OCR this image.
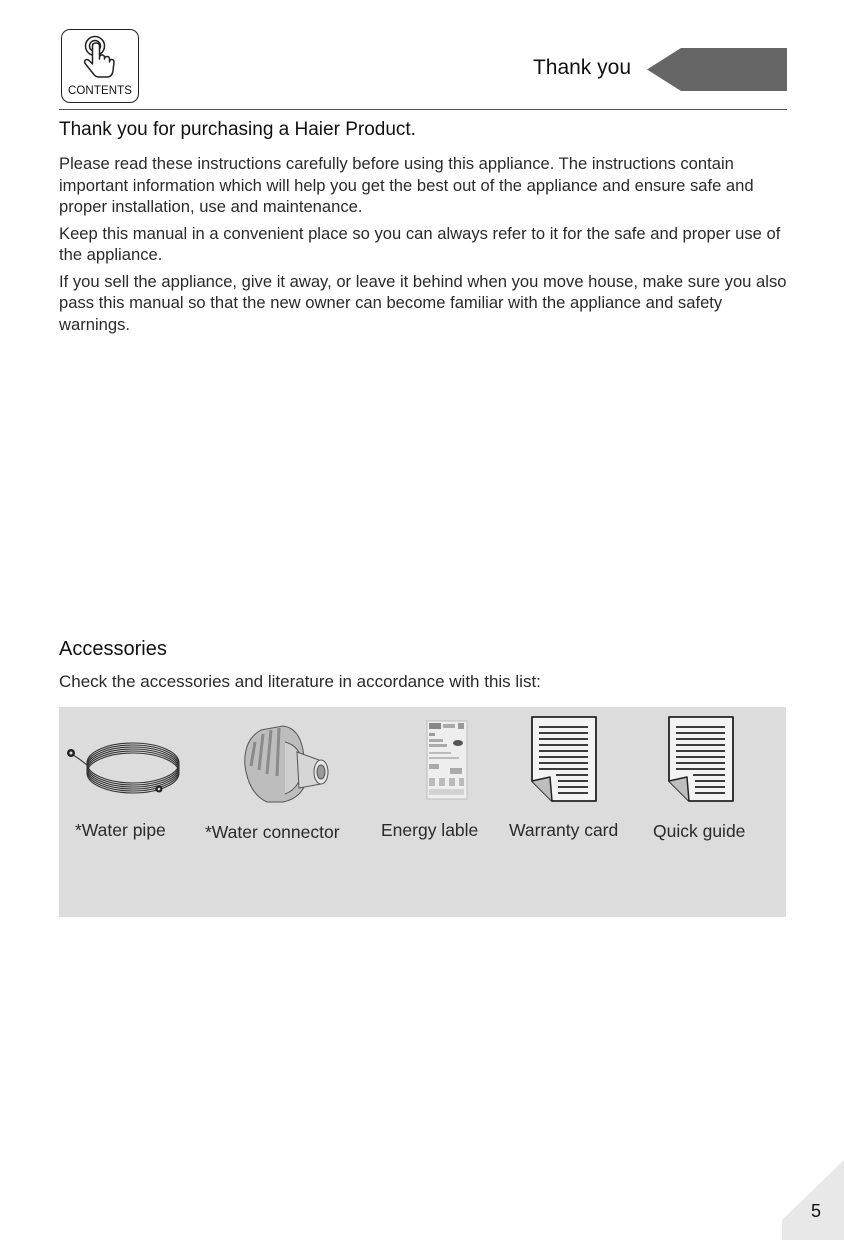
CONTENTS
Thank you
Thank you for purchasing a Haier Product.

Please read these instructions carefully before using this appliance. The instructions contain important information which will help you get the best out of the appliance and ensure safe and proper installation, use and maintenance.

Keep this manual in a convenient place so you can always refer to it for the safe and proper use of the appliance.

If you sell the appliance, give it away, or leave it behind when you move house, make sure you also pass this manual so that the new owner can become familiar with the appliance and safety warnings.

Accessories

Check the accessories and literature in accordance with this list:

*Water pipe *Water connector Energy lable Warranty card Quick guide
5
